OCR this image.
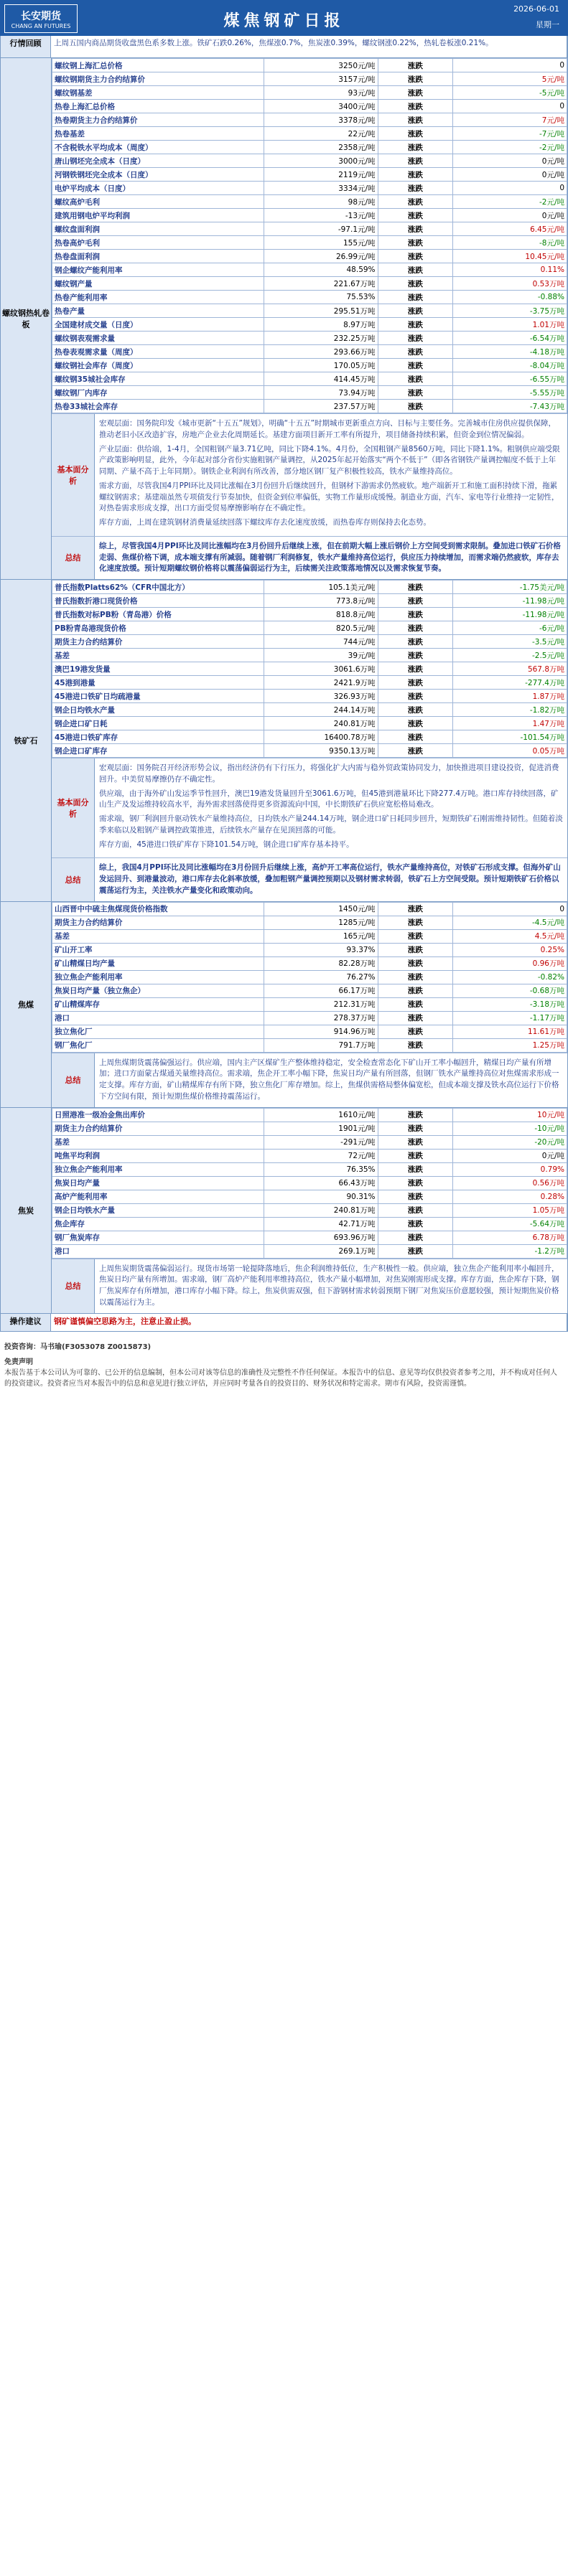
长安期货
CHANG AN FUTURES	煤焦钢矿日报
2026-06-01
星期一
行情回顾	上周五国内商品期货收盘黑色系多数上涨。铁矿石跌0.26%，焦煤涨0.7%，焦炭涨0.39%，螺纹钢涨0.22%，热轧卷板涨0.21%。
螺纹钢热轧卷板
螺纹钢上海汇总价格	3250元/吨	涨跌	0
螺纹钢期货主力合约结算价	3157元/吨	涨跌	5元/吨
螺纹钢基差	93元/吨	涨跌	-5元/吨
热卷上海汇总价格	3400元/吨	涨跌	0
热卷期货主力合约结算价	3378元/吨	涨跌	7元/吨
热卷基差	22元/吨	涨跌	-7元/吨
不含税铁水平均成本（周度）	2358元/吨	涨跌	-2元/吨
唐山钢坯完全成本（日度）	3000元/吨	涨跌	0元/吨
河钢铁钢坯完全成本（日度）	2119元/吨	涨跌	0元/吨
电炉平均成本（日度）	3334元/吨	涨跌	0
螺纹高炉毛利	98元/吨	涨跌	-2元/吨
建筑用钢电炉平均利润	-13元/吨	涨跌	0元/吨
螺纹盘面利润	-97.1元/吨	涨跌	6.45元/吨
热卷高炉毛利	155元/吨	涨跌	-8元/吨
热卷盘面利润	26.99元/吨	涨跌	10.45元/吨
钢企螺纹产能利用率	48.59%	涨跌	0.11%
螺纹钢产量	221.67万吨	涨跌	0.53万吨
热卷产能利用率	75.53%	涨跌	-0.88%
热卷产量	295.51万吨	涨跌	-3.75万吨
全国建材成交量（日度）	8.97万吨	涨跌	1.01万吨
螺纹钢表观需求量	232.25万吨	涨跌	-6.54万吨
热卷表观需求量（周度）	293.66万吨	涨跌	-4.18万吨
螺纹钢社会库存（周度）	170.05万吨	涨跌	-8.04万吨
螺纹钢35城社会库存	414.45万吨	涨跌	-6.55万吨
螺纹钢厂内库存	73.94万吨	涨跌	-5.55万吨
热卷33城社会库存	237.57万吨	涨跌	-7.43万吨
基本面分析

宏观层面：国务院印发《城市更新“十五五”规划》，明确“十五五”时期城市更新重点方向、目标与主要任务。完善城市住房供应提供保障，推动老旧小区改造扩容，房地产企业去化周期延长。基建方面项目新开工率有所提升，项目储备持续积累，但资金到位情况偏弱。

产业层面：供给端，1-4月，全国粗钢产量3.71亿吨，同比下降4.1%。4月份，全国粗钢产量8560万吨，同比下降1.1%。粗钢供应端受限产政策影响明显，此外，今年起对部分省份实施粗钢产量调控，从2025年起开始落实“两个不低于”（即各省钢铁产量调控幅度不低于上年同期、产量不高于上年同期）。钢铁企业利润有所改善，部分地区钢厂复产积极性较高，铁水产量维持高位。

需求方面，尽管我国4月PPI环比及同比涨幅在3月份回升后继续回升，但钢材下游需求仍然疲软。地产端新开工和施工面积持续下滑，拖累螺纹钢需求；基建端虽然专项债发行节奏加快，但资金到位率偏低，实物工作量形成缓慢。制造业方面，汽车、家电等行业维持一定韧性，对热卷需求形成支撑，出口方面受贸易摩擦影响存在不确定性。

库存方面，上周在建筑钢材消费量延续回落下螺纹库存去化速度放缓，而热卷库存则保持去化态势。

总结
综上，尽管我国4月PPI环比及同比涨幅均在3月份回升后继续上涨，但在前期大幅上涨后钢价上方空间受到需求限制。叠加进口铁矿石价格走弱、焦煤价格下调，成本端支撑有所减弱。随着钢厂利润修复，铁水产量维持高位运行，供应压力持续增加，而需求端仍然疲软，库存去化速度放缓。预计短期螺纹钢价格将以震荡偏弱运行为主，后续需关注政策落地情况以及需求恢复节奏。
铁矿石
普氏指数Platts62%（CFR中国北方）	105.1美元/吨	涨跌	-1.75美元/吨
普氏指数折港口现货价格	773.8元/吨	涨跌	-11.98元/吨
普氏指数对标PB粉（青岛港）价格	818.8元/吨	涨跌	-11.98元/吨
PB粉青岛港现货价格	820.5元/吨	涨跌	-6元/吨
期货主力合约结算价	744元/吨	涨跌	-3.5元/吨
基差	39元/吨	涨跌	-2.5元/吨
澳巴19港发货量	3061.6万吨	涨跌	567.8万吨
45港到港量	2421.9万吨	涨跌	-277.4万吨
45港进口铁矿日均疏港量	326.93万吨	涨跌	1.87万吨
钢企日均铁水产量	244.14万吨	涨跌	-1.82万吨
钢企进口矿日耗	240.81万吨	涨跌	1.47万吨
45港进口铁矿库存	16400.78万吨	涨跌	-101.54万吨
钢企进口矿库存	9350.13万吨	涨跌	0.05万吨
基本面分析

宏观层面：国务院召开经济形势会议，指出经济仍有下行压力，将强化扩大内需与稳外贸政策协同发力，加快推进项目建设投资，促进消费回升。中美贸易摩擦仍存不确定性。

供应端，由于海外矿山发运季节性回升，澳巴19港发货量回升至3061.6万吨，但45港到港量环比下降277.4万吨。港口库存持续回落，矿山生产及发运维持较高水平，海外需求回落使得更多资源流向中国，中长期铁矿石供应宽松格局难改。

需求端，钢厂利润回升驱动铁水产量维持高位，日均铁水产量244.14万吨，钢企进口矿日耗同步回升，短期铁矿石刚需维持韧性。但随着淡季来临以及粗钢产量调控政策推进，后续铁水产量存在见顶回落的可能。

库存方面，45港进口铁矿库存下降101.54万吨，钢企进口矿库存基本持平。

总结
综上，我国4月PPI环比及同比涨幅均在3月份回升后继续上涨，高炉开工率高位运行，铁水产量维持高位，对铁矿石形成支撑。但海外矿山发运回升、到港量波动，港口库存去化斜率放缓，叠加粗钢产量调控预期以及钢材需求转弱，铁矿石上方空间受限。预计短期铁矿石价格以震荡运行为主，关注铁水产量变化和政策动向。
焦煤
山西晋中中硫主焦煤现货价格指数	1450元/吨	涨跌	0
期货主力合约结算价	1285元/吨	涨跌	-4.5元/吨
基差	165元/吨	涨跌	4.5元/吨
矿山开工率	93.37%	涨跌	0.25%
矿山精煤日均产量	82.28万吨	涨跌	0.96万吨
独立焦企产能利用率	76.27%	涨跌	-0.82%
焦炭日均产量（独立焦企）	66.17万吨	涨跌	-0.68万吨
矿山精煤库存	212.31万吨	涨跌	-3.18万吨
港口	278.37万吨	涨跌	-1.17万吨
独立焦化厂	914.96万吨	涨跌	11.61万吨
钢厂焦化厂	791.7万吨	涨跌	1.25万吨
总结
上周焦煤期货震荡偏强运行。供应端，国内主产区煤矿生产整体维持稳定，安全检查常态化下矿山开工率小幅回升，精煤日均产量有所增加；进口方面蒙古煤通关量维持高位。需求端，焦企开工率小幅下降，焦炭日均产量有所回落，但钢厂铁水产量维持高位对焦煤需求形成一定支撑。库存方面，矿山精煤库存有所下降，独立焦化厂库存增加。综上，焦煤供需格局整体偏宽松，但成本端支撑及铁水高位运行下价格下方空间有限，预计短期焦煤价格维持震荡运行。
焦炭
日照港准一级冶金焦出库价	1610元/吨	涨跌	10元/吨
期货主力合约结算价	1901元/吨	涨跌	-10元/吨
基差	-291元/吨	涨跌	-20元/吨
吨焦平均利润	72元/吨	涨跌	0元/吨
独立焦企产能利用率	76.35%	涨跌	0.79%
焦炭日均产量	66.43万吨	涨跌	0.56万吨
高炉产能利用率	90.31%	涨跌	0.28%
钢企日均铁水产量	240.81万吨	涨跌	1.05万吨
焦企库存	42.71万吨	涨跌	-5.64万吨
钢厂焦炭库存	693.96万吨	涨跌	6.78万吨
港口	269.1万吨	涨跌	-1.2万吨
总结
上周焦炭期货震荡偏弱运行。现货市场第一轮提降落地后，焦企利润维持低位，生产积极性一般。供应端，独立焦企产能利用率小幅回升，焦炭日均产量有所增加。需求端，钢厂高炉产能利用率维持高位，铁水产量小幅增加，对焦炭刚需形成支撑。库存方面，焦企库存下降，钢厂焦炭库存有所增加，港口库存小幅下降。综上，焦炭供需双强，但下游钢材需求转弱预期下钢厂对焦炭压价意愿较强，预计短期焦炭价格以震荡运行为主。
操作建议	钢矿谨慎偏空思路为主，注意止盈止损。
投资咨询：马书瑜(F3053078 Z0015873)
免责声明
本报告基于本公司认为可靠的、已公开的信息编制，但本公司对该等信息的准确性及完整性不作任何保证。本报告中的信息、意见等均仅供投资者参考之用，并不构成对任何人的投资建议。投资者应当对本报告中的信息和意见进行独立评估，并应同时考量各自的投资目的、财务状况和特定需求。期市有风险，投资需谨慎。
